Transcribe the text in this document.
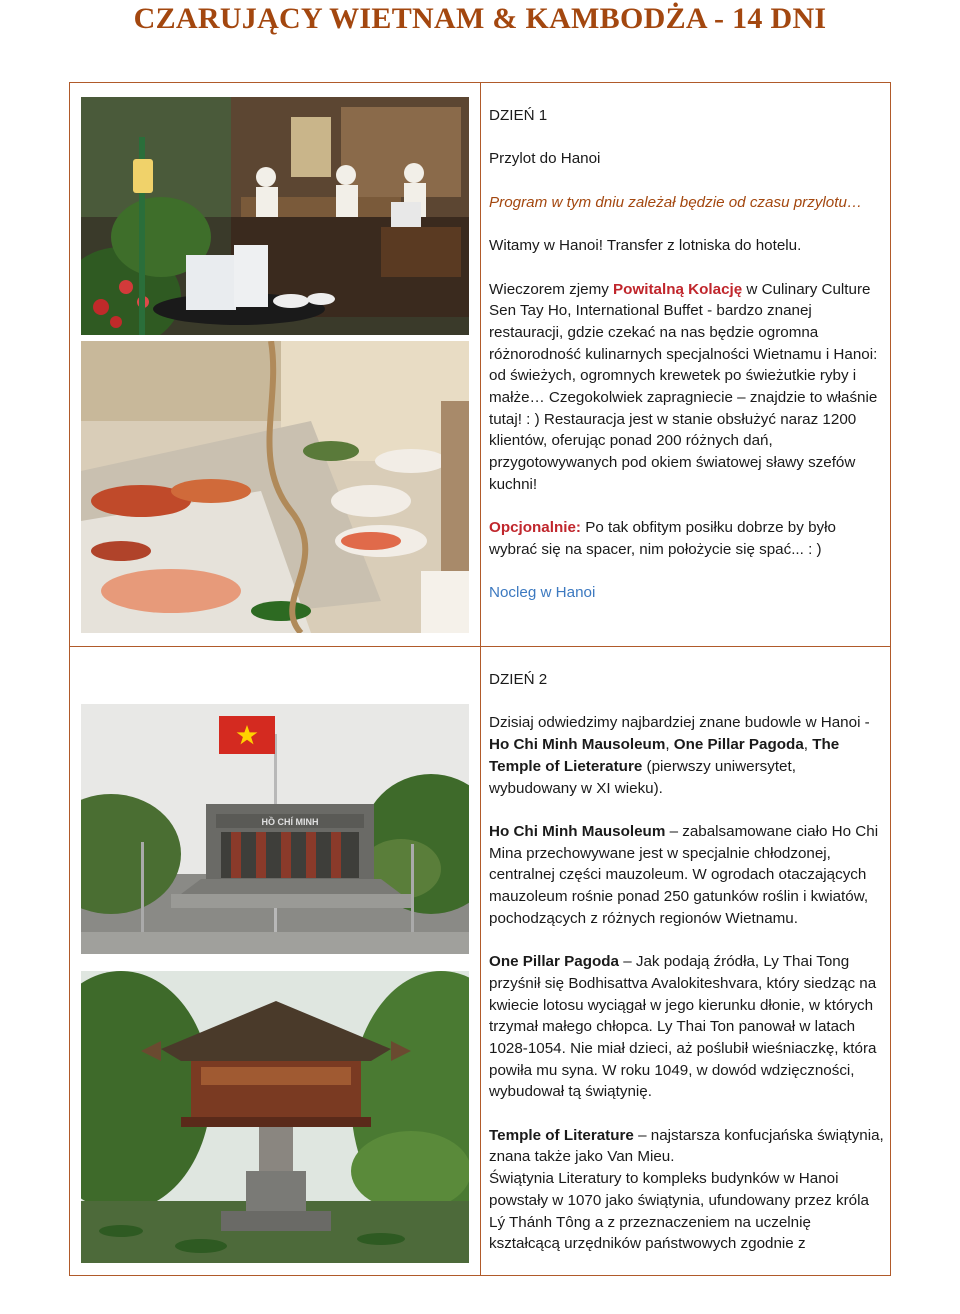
CZARUJĄCY WIETNAM & KAMBODŻA - 14 DNI

DZIEŃ 1

Przylot do Hanoi

Program w tym dniu zależał będzie od czasu przylotu…

Witamy w Hanoi! Transfer z lotniska do hotelu.

Wieczorem zjemy Powitalną Kolację w Culinary Culture Sen Tay Ho, International Buffet - bardzo znanej restauracji, gdzie czekać na nas będzie ogromna różnorodność kulinarnych specjalności Wietnamu i Hanoi: od świeżych, ogromnych krewetek po świeżutkie ryby i małże… Czegokolwiek zapragniecie – znajdzie to właśnie tutaj! : ) Restauracja jest w stanie obsłużyć naraz 1200 klientów, oferując ponad 200 różnych dań, przygotowywanych pod okiem światowej sławy szefów kuchni!

Opcjonalnie: Po tak obfitym posiłku dobrze by było wybrać się na spacer, nim położycie się spać... : )

Nocleg w Hanoi

HỒ CHÍ MINH

DZIEŃ 2

Dzisiaj odwiedzimy najbardziej znane budowle w Hanoi - Ho Chi Minh Mausoleum, One Pillar Pagoda, The Temple of Lieterature (pierwszy uniwersytet, wybudowany w XI wieku).

Ho Chi Minh Mausoleum – zabalsamowane ciało Ho Chi Mina przechowywane jest w specjalnie chłodzonej, centralnej części mauzoleum. W ogrodach otaczających mauzoleum rośnie ponad 250 gatunków roślin i kwiatów, pochodzących z różnych regionów Wietnamu.

One Pillar Pagoda – Jak podają źródła, Ly Thai Tong przyśnił się Bodhisattva Avalokiteshvara, który siedząc na kwiecie lotosu wyciągał w jego kierunku dłonie, w których trzymał małego chłopca. Ly Thai Ton panował w latach 1028-1054. Nie miał dzieci, aż poślubił wieśniaczkę, która powiła mu syna. W roku 1049, w dowód wdzięczności, wybudował tą świątynię.

Temple of Literature – najstarsza konfucjańska świątynia, znana także jako Van Mieu.

Świątynia Literatury to kompleks budynków w Hanoi powstały w 1070 jako świątynia, ufundowany przez króla Lý Thánh Tông a z przeznaczeniem na uczelnię kształcącą urzędników państwowych zgodnie z
